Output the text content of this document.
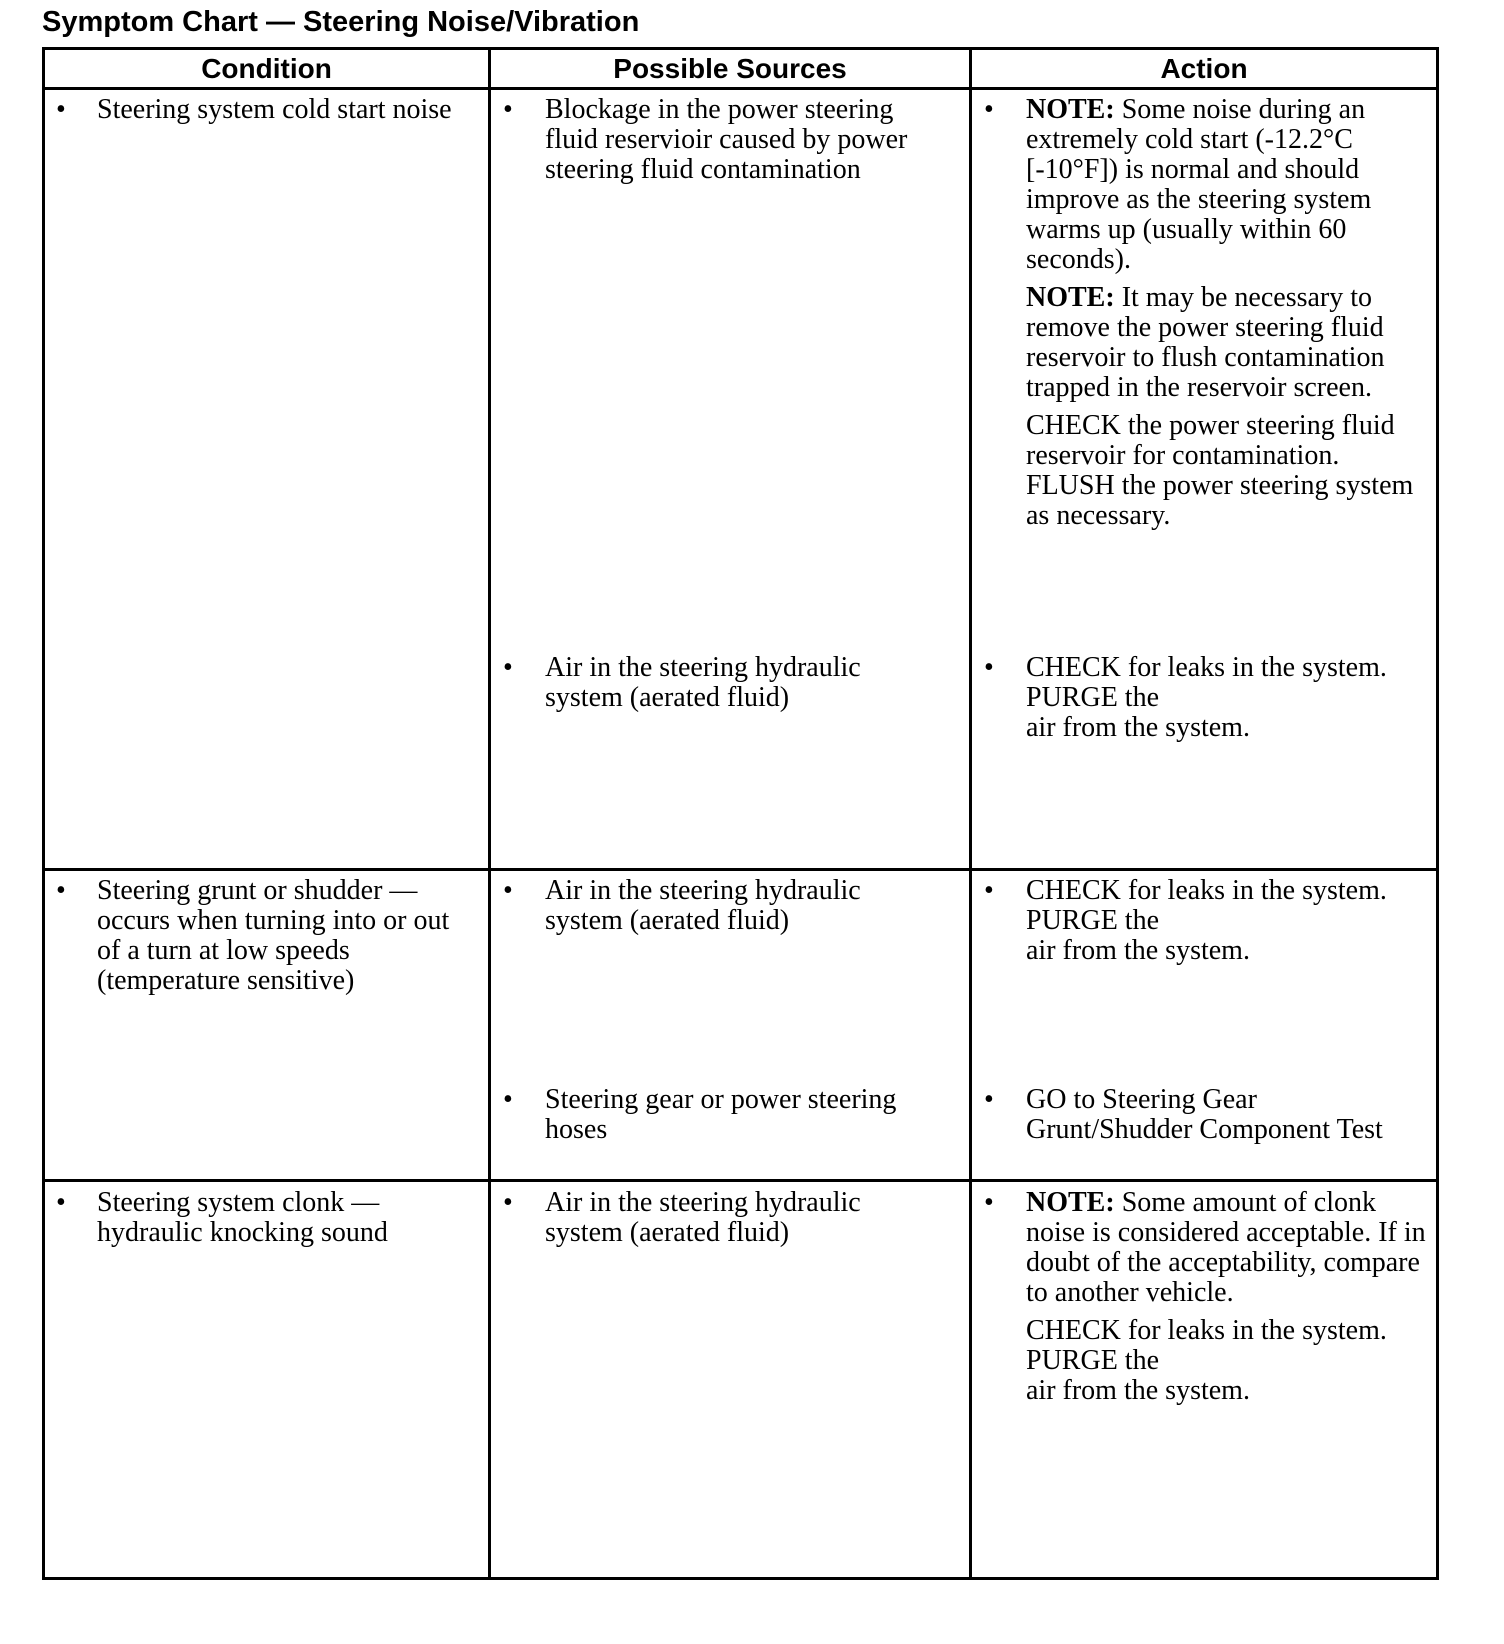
Symptom Chart — Steering Noise/Vibration
Condition	Possible Sources	Action
• Steering system cold start noise • Blockage in the power steering fluid reservioir caused by power steering fluid contamination
• NOTE: Some noise during an extremely cold start (-12.2°C [-10°F]) is normal and should improve as the steering system warms up (usually within 60 seconds).

NOTE: It may be necessary to remove the power steering fluid reservoir to flush contamination trapped in the reservoir screen.

CHECK the power steering fluid reservoir for contamination. FLUSH the power steering system as necessary.

• Air in the steering hydraulic system (aerated fluid)
• CHECK for leaks in the system.
PURGE the
air from the system.
• Steering grunt or shudder — occurs when turning into or out of a turn at low speeds (temperature sensitive)
• Air in the steering hydraulic system (aerated fluid)
• CHECK for leaks in the system.
PURGE the
air from the system.
• Steering gear or power steering hoses
• GO to Steering Gear Grunt/Shudder Component Test
• Steering system clonk — hydraulic knocking sound
• Air in the steering hydraulic system (aerated fluid)
• NOTE: Some amount of clonk noise is considered acceptable. If in doubt of the acceptability, compare to another vehicle.

CHECK for leaks in the system.
PURGE the
air from the system.
